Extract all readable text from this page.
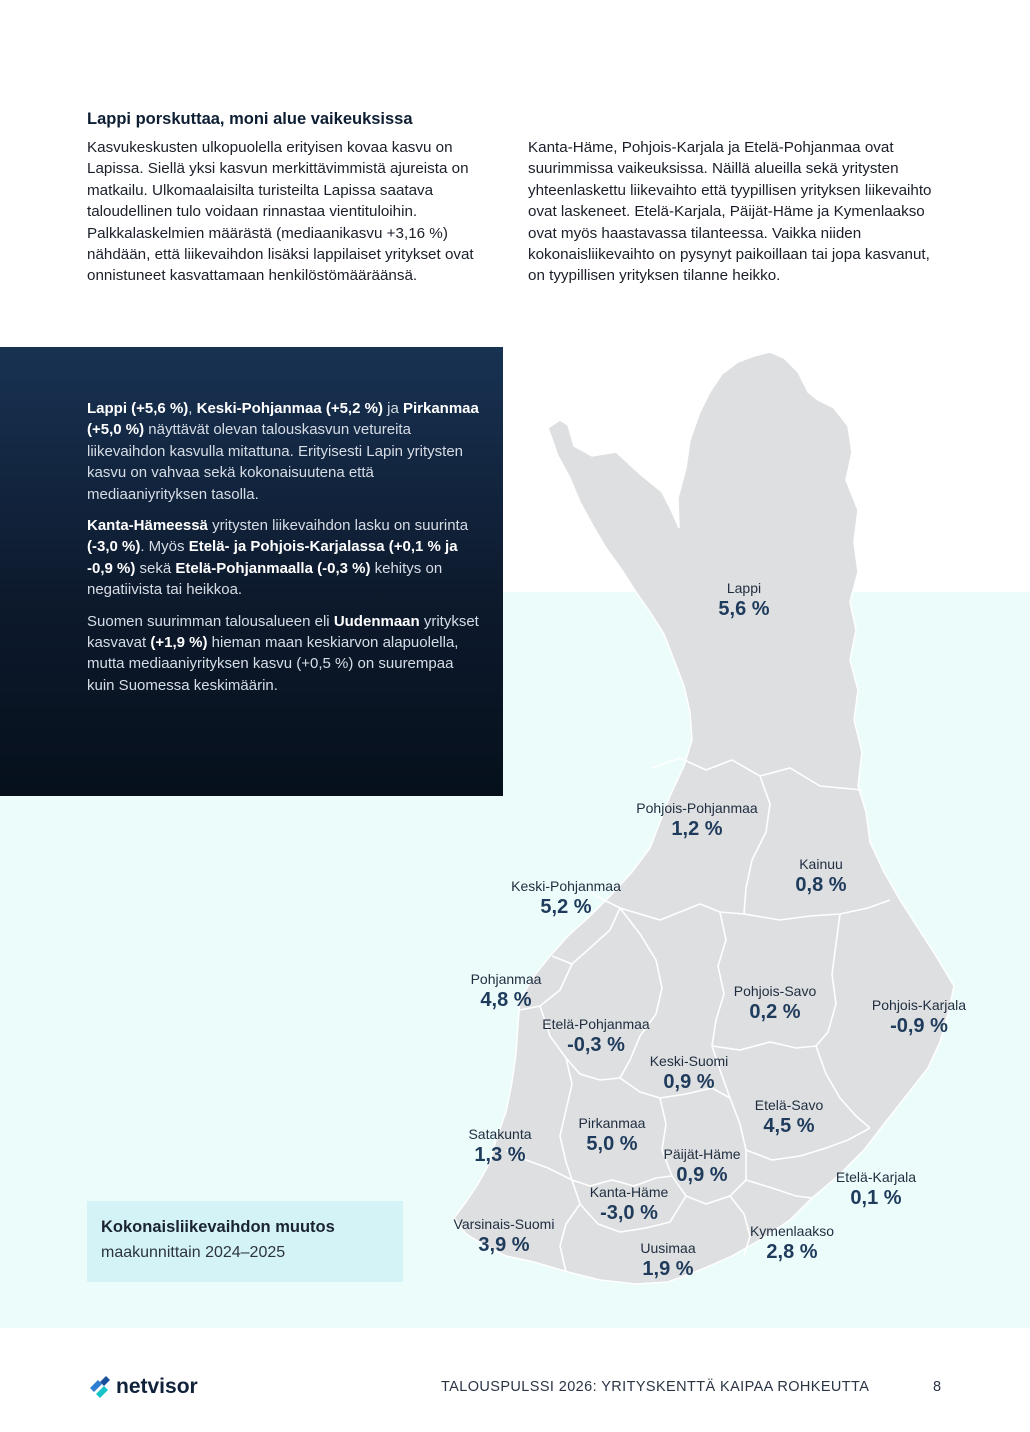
Lappi porskuttaa, moni alue vaikeuksissa
Kasvukeskusten ulkopuolella erityisen kovaa kasvu on Lapissa. Siellä yksi kasvun merkittävimmistä ajureista on matkailu. Ulkomaalaisilta turisteilta Lapissa saatava taloudellinen tulo voidaan rinnastaa vientituloihin. Palkkalaskelmien määrästä (mediaanikasvu +3,16 %) nähdään, että liikevaihdon lisäksi lappilaiset yritykset ovat onnistuneet kasvattamaan henkilöstömääräänsä.
Kanta-Häme, Pohjois-Karjala ja Etelä-Pohjanmaa ovat suurimmissa vaikeuksissa. Näillä alueilla sekä yritysten yhteenlaskettu liikevaihto että tyypillisen yrityksen liikevaihto ovat laskeneet. Etelä-Karjala, Päijät-Häme ja Kymenlaakso ovat myös haastavassa tilanteessa. Vaikka niiden kokonaisliikevaihto on pysynyt paikoillaan tai jopa kasvanut, on tyypillisen yrityksen tilanne heikko.

Lappi (+5,6 %), Keski-Pohjanmaa (+5,2 %) ja Pirkanmaa (+5,0 %) näyttävät olevan talouskasvun vetureita liikevaihdon kasvulla mitattuna. Erityisesti Lapin yritysten kasvu on vahvaa sekä kokonaisuutena että mediaaniyrityksen tasolla.

Kanta-Hämeessä yritysten liikevaihdon lasku on suurinta (-3,0 %). Myös Etelä- ja Pohjois-Karjalassa (+0,1 % ja -0,9 %) sekä Etelä-Pohjanmaalla (-0,3 %) kehitys on negatiivista tai heikkoa.

Suomen suurimman talousalueen eli Uudenmaan yritykset kasvavat (+1,9 %) hieman maan keskiarvon alapuolella, mutta mediaaniyrityksen kasvu (+0,5 %) on suurempaa kuin Suomessa keskimäärin.

Lappi
5,6 %
Pohjois-Pohjanmaa
1,2 %
Kainuu
0,8 %
Keski-Pohjanmaa
5,2 %
Pohjanmaa
4,8 %	Pohjois-Savo
0,2 %	Pohjois-Karjala
-0,9 %
Etelä-Pohjanmaa
-0,3 %
Keski-Suomi
0,9 %
Etelä-Savo
4,5 %
Satakunta
1,3 %
Pirkanmaa
5,0 %	Päijät-Häme
0,9 %	Etelä-Karjala
0,1 %
Kanta-Häme
-3,0 %
Varsinais-Suomi
3,9 %
Kymenlaakso
2,8 %
Uusimaa
1,9 %
Kokonaisliikevaihdon muutos
maakunnittain 2024–2025
netvisor	TALOUSPULSSI 2026: YRITYSKENTTÄ KAIPAA ROHKEUTTA	8
